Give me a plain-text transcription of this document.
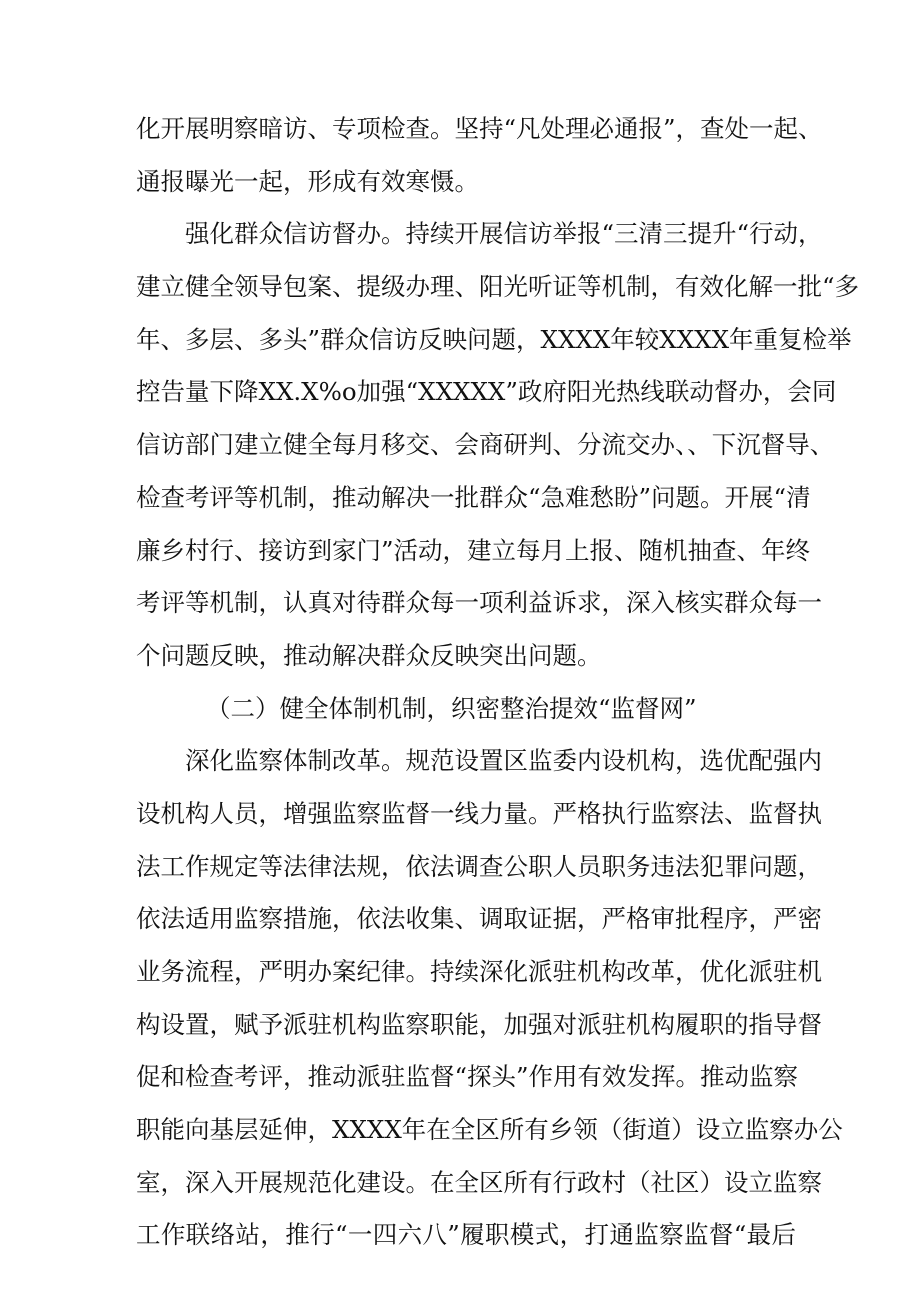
化开展明察暗访、专项检查。坚持“凡处理必通报”，查处一起、
通报曝光一起，形成有效寒慑。
强化群众信访督办。持续开展信访举报“三清三提升“行动，
建立健全领导包案、提级办理、阳光听证等机制，有效化解一批“多
年、多层、多头”群众信访反映问题，XXXX年较XXXX年重复检举
控告量下降XX.X%o加强“XXXXX”政府阳光热线联动督办，会同
信访部门建立健全每月移交、会商研判、分流交办、、下沉督导、
检查考评等机制，推动解决一批群众“急难愁盼”问题。开展“清
廉乡村行、接访到家门”活动，建立每月上报、随机抽查、年终
考评等机制，认真对待群众每一项利益诉求，深入核实群众每一
个问题反映，推动解决群众反映突出问题。
（二）健全体制机制，织密整治提效“监督网”
深化监察体制改革。规范设置区监委内设机构，选优配强内
设机构人员，增强监察监督一线力量。严格执行监察法、监督执
法工作规定等法律法规，依法调查公职人员职务违法犯罪问题，
依法适用监察措施，依法收集、调取证据，严格审批程序，严密
业务流程，严明办案纪律。持续深化派驻机构改革，优化派驻机
构设置，赋予派驻机构监察职能，加强对派驻机构履职的指导督
促和检查考评，推动派驻监督“探头”作用有效发挥。推动监察
职能向基层延伸，XXXX年在全区所有乡领（街道）设立监察办公
室，深入开展规范化建设。在全区所有行政村（社区）设立监察
工作联络站，推行“一四六八”履职模式，打通监察监督“最后
